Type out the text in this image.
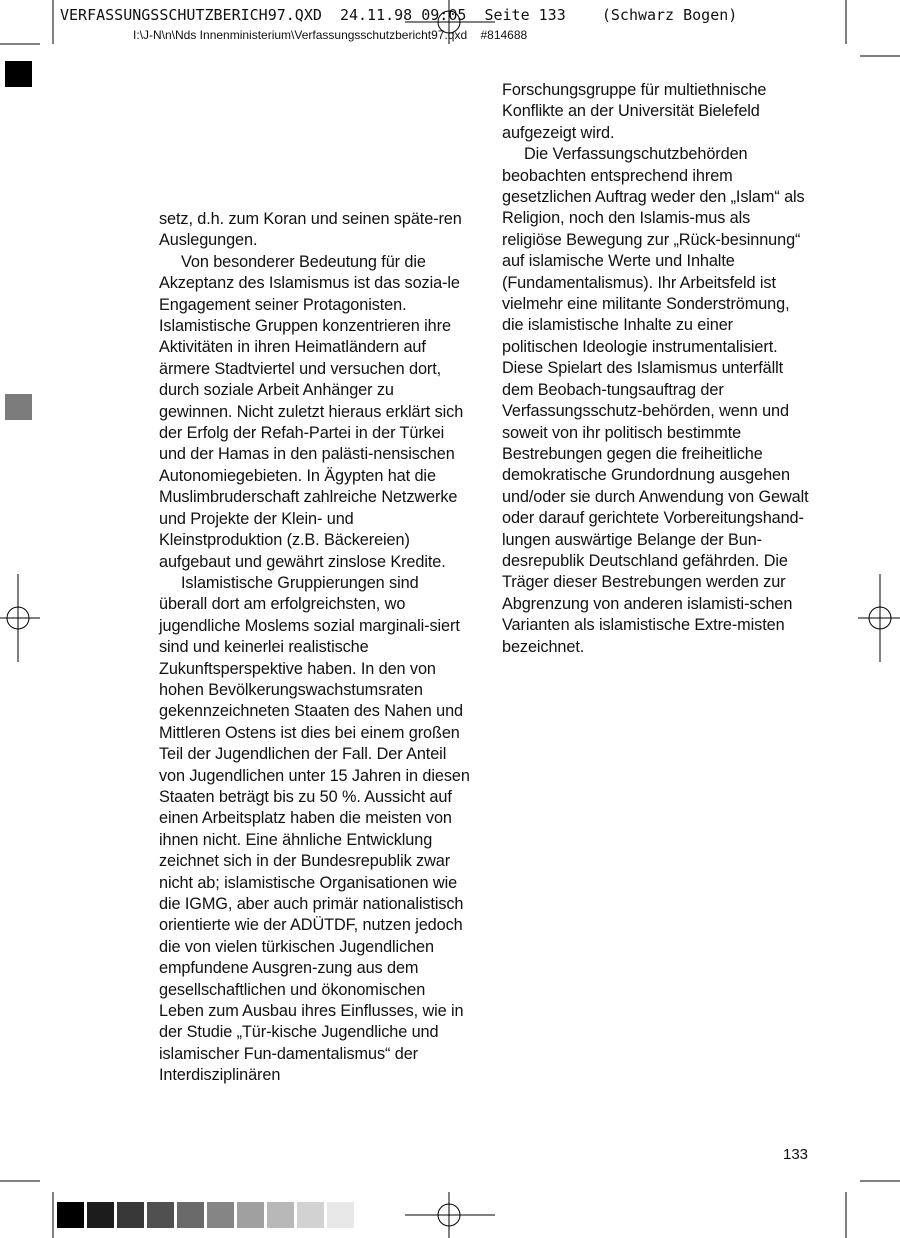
VERFASSUNGSSCHUTZBERICH97.QXD  24.11.98 09:05  Seite 133    (Schwarz Bogen)
I:\J-N\n\Nds Innenministerium\Verfassungsschutzbericht97.qxd    #814688

setz, d.h. zum Koran und seinen späte-ren Auslegungen.

Von besonderer Bedeutung für die Akzeptanz des Islamismus ist das sozia-le Engagement seiner Protagonisten. Islamistische Gruppen konzentrieren ihre Aktivitäten in ihren Heimatländern auf ärmere Stadtviertel und versuchen dort, durch soziale Arbeit Anhänger zu gewinnen. Nicht zuletzt hieraus erklärt sich der Erfolg der Refah-Partei in der Türkei und der Hamas in den palästi-nensischen Autonomiegebieten. In Ägypten hat die Muslimbruderschaft zahlreiche Netzwerke und Projekte der Klein- und Kleinstproduktion (z.B. Bäckereien) aufgebaut und gewährt zinslose Kredite.

Islamistische Gruppierungen sind überall dort am erfolgreichsten, wo jugendliche Moslems sozial marginali-siert sind und keinerlei realistische Zukunftsperspektive haben. In den von hohen Bevölkerungswachstumsraten gekennzeichneten Staaten des Nahen und Mittleren Ostens ist dies bei einem großen Teil der Jugendlichen der Fall. Der Anteil von Jugendlichen unter 15 Jahren in diesen Staaten beträgt bis zu 50 %. Aussicht auf einen Arbeitsplatz haben die meisten von ihnen nicht. Eine ähnliche Entwicklung zeichnet sich in der Bundesrepublik zwar nicht ab; islamistische Organisationen wie die IGMG, aber auch primär nationalistisch orientierte wie der ADÜTDF, nutzen jedoch die von vielen türkischen Jugendlichen empfundene Ausgren-zung aus dem gesellschaftlichen und ökonomischen Leben zum Ausbau ihres Einflusses, wie in der Studie „Tür-kische Jugendliche und islamischer Fun-damentalismus“ der Interdisziplinären

Forschungsgruppe für multiethnische Konflikte an der Universität Bielefeld aufgezeigt wird.

Die Verfassungschutzbehörden beobachten entsprechend ihrem gesetzlichen Auftrag weder den „Islam“ als Religion, noch den Islamis-mus als religiöse Bewegung zur „Rück-besinnung“ auf islamische Werte und Inhalte (Fundamentalismus). Ihr Arbeitsfeld ist vielmehr eine militante Sonderströmung, die islamistische Inhalte zu einer politischen Ideologie instrumentalisiert. Diese Spielart des Islamismus unterfällt dem Beobach-tungsauftrag der Verfassungsschutz-behörden, wenn und soweit von ihr politisch bestimmte Bestrebungen gegen die freiheitliche demokratische Grundordnung ausgehen und/oder sie durch Anwendung von Gewalt oder darauf gerichtete Vorbereitungshand-lungen auswärtige Belange der Bun-desrepublik Deutschland gefährden. Die Träger dieser Bestrebungen werden zur Abgrenzung von anderen islamisti-schen Varianten als islamistische Extre-misten bezeichnet.

133
